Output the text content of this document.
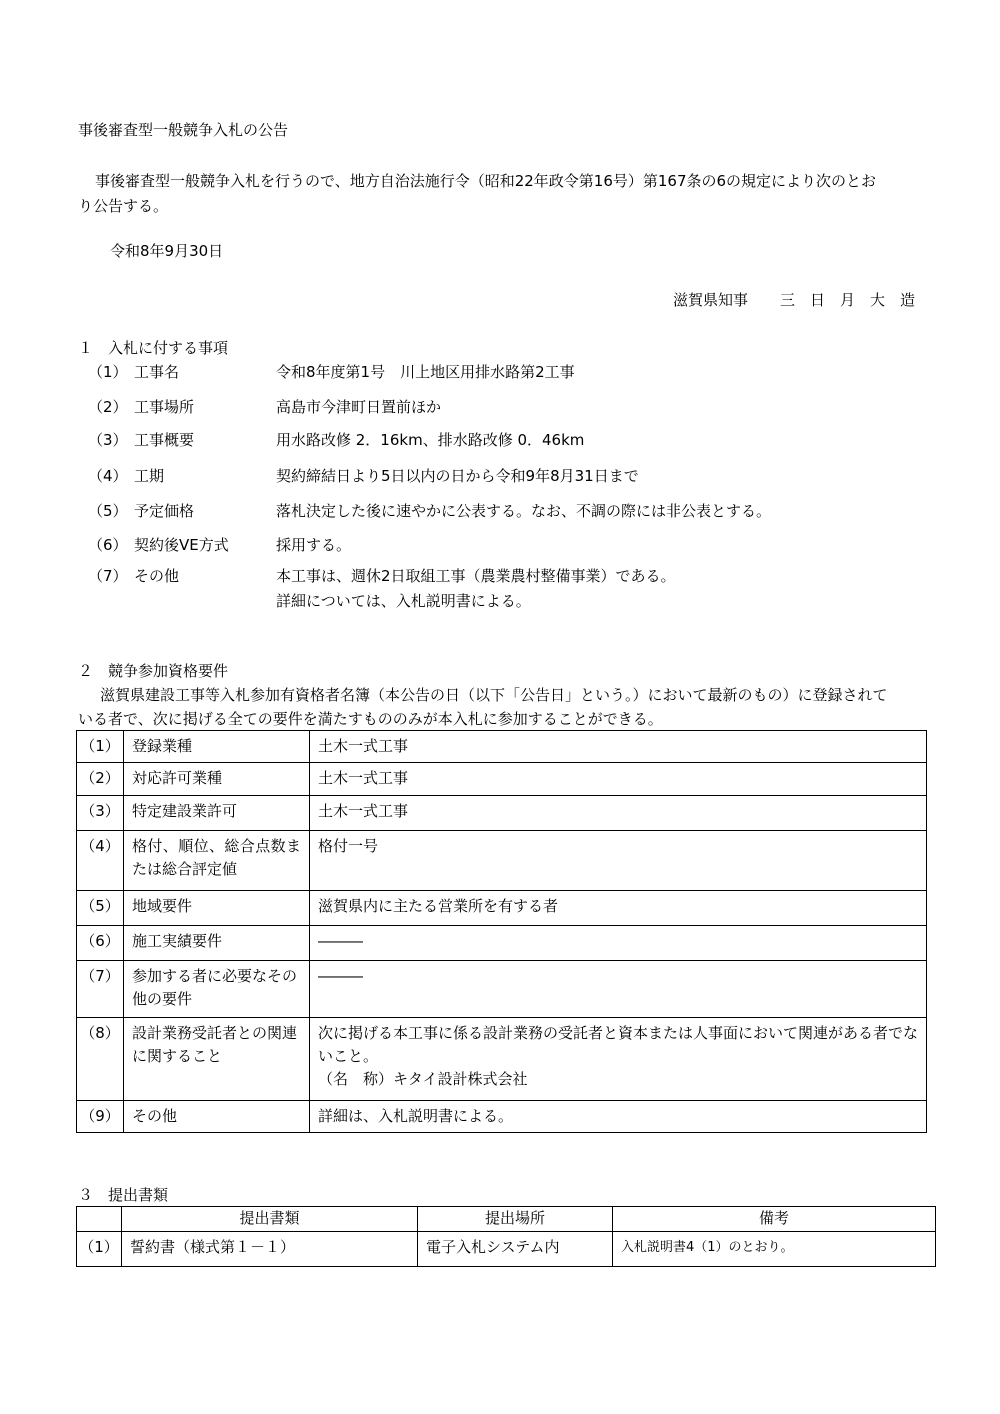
事後審査型一般競争入札の公告
事後審査型一般競争入札を行うので、地方自治法施行令（昭和22年政令第16号）第167条の6の規定により次のとお
り公告する。
令和8年9月30日
滋賀県知事 三　日　月　大　造
１　入札に付する事項
（1） 工事名	令和8年度第1号　川上地区用排水路第2工事
（2） 工事場所	高島市今津町日置前ほか
（3） 工事概要	用水路改修 2．16km、排水路改修 0．46km
（4） 工期	契約締結日より5日以内の日から令和9年8月31日まで
（5） 予定価格	落札決定した後に速やかに公表する。なお、不調の際には非公表とする。
（6） 契約後VE方式	採用する。
（7） その他	本工事は、週休2日取組工事（農業農村整備事業）である。
詳細については、入札説明書による。
２　競争参加資格要件
滋賀県建設工事等入札参加有資格者名簿（本公告の日（以下「公告日」という。）において最新のもの）に登録されて
いる者で、次に掲げる全ての要件を満たすもののみが本入札に参加することができる。
（1）	登録業種	土木一式工事
（2）	対応許可業種	土木一式工事
（3）	特定建設業許可	土木一式工事
（4）	格付、順位、総合点数または総合評定値	格付一号
（5）	地域要件	滋賀県内に主たる営業所を有する者
（6）	施工実績要件	―――
（7）	参加する者に必要なその他の要件	―――
（8）	設計業務受託者との関連に関すること	次に掲げる本工事に係る設計業務の受託者と資本または人事面において関連がある者でないこと。
（名　称）キタイ設計株式会社

（9）	その他	詳細は、入札説明書による。
３　提出書類
	提出書類	提出場所	備考
（1）	誓約書（様式第１－１）	電子入札システム内	入札説明書4（1）のとおり。
